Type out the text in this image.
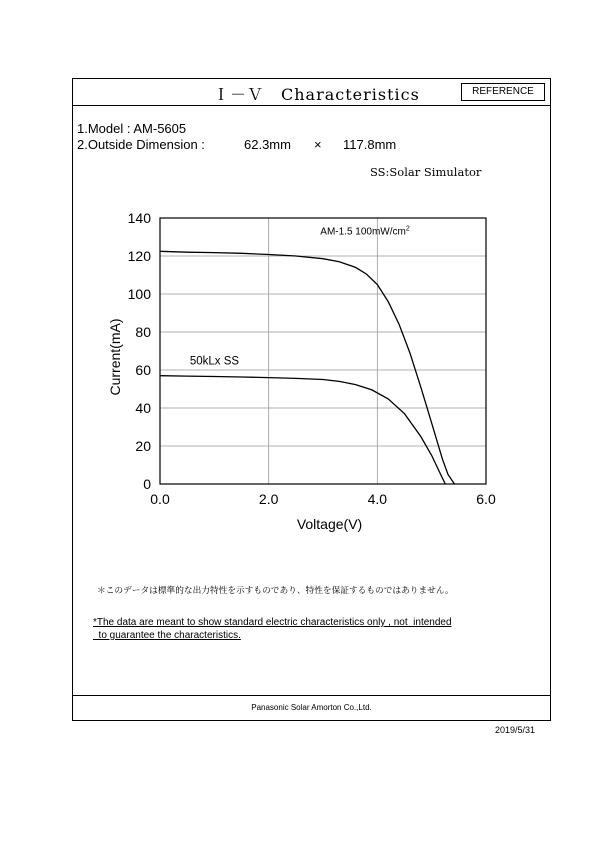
Ｉ－Ｖ　Characteristics	REFERENCE
1.Model : AM-5605
2.Outside Dimension :	62.3mm × 117.8mm
SS:Solar Simulator
AM-1.5 $100mW/cm^2$
50kLx SS
0
20
40
60
80
100
120
140
0.0	2.0	4.0	6.0
Voltage(V)
Current(mA)
＊このデータは標準的な出力特性を示すものであり、特性を保証するものではありません。
*The data are meant to show standard electric characteristics only , not  intended
to guarantee the characteristics.
Panasonic Solar Amorton Co.,Ltd.
2019/5/31
